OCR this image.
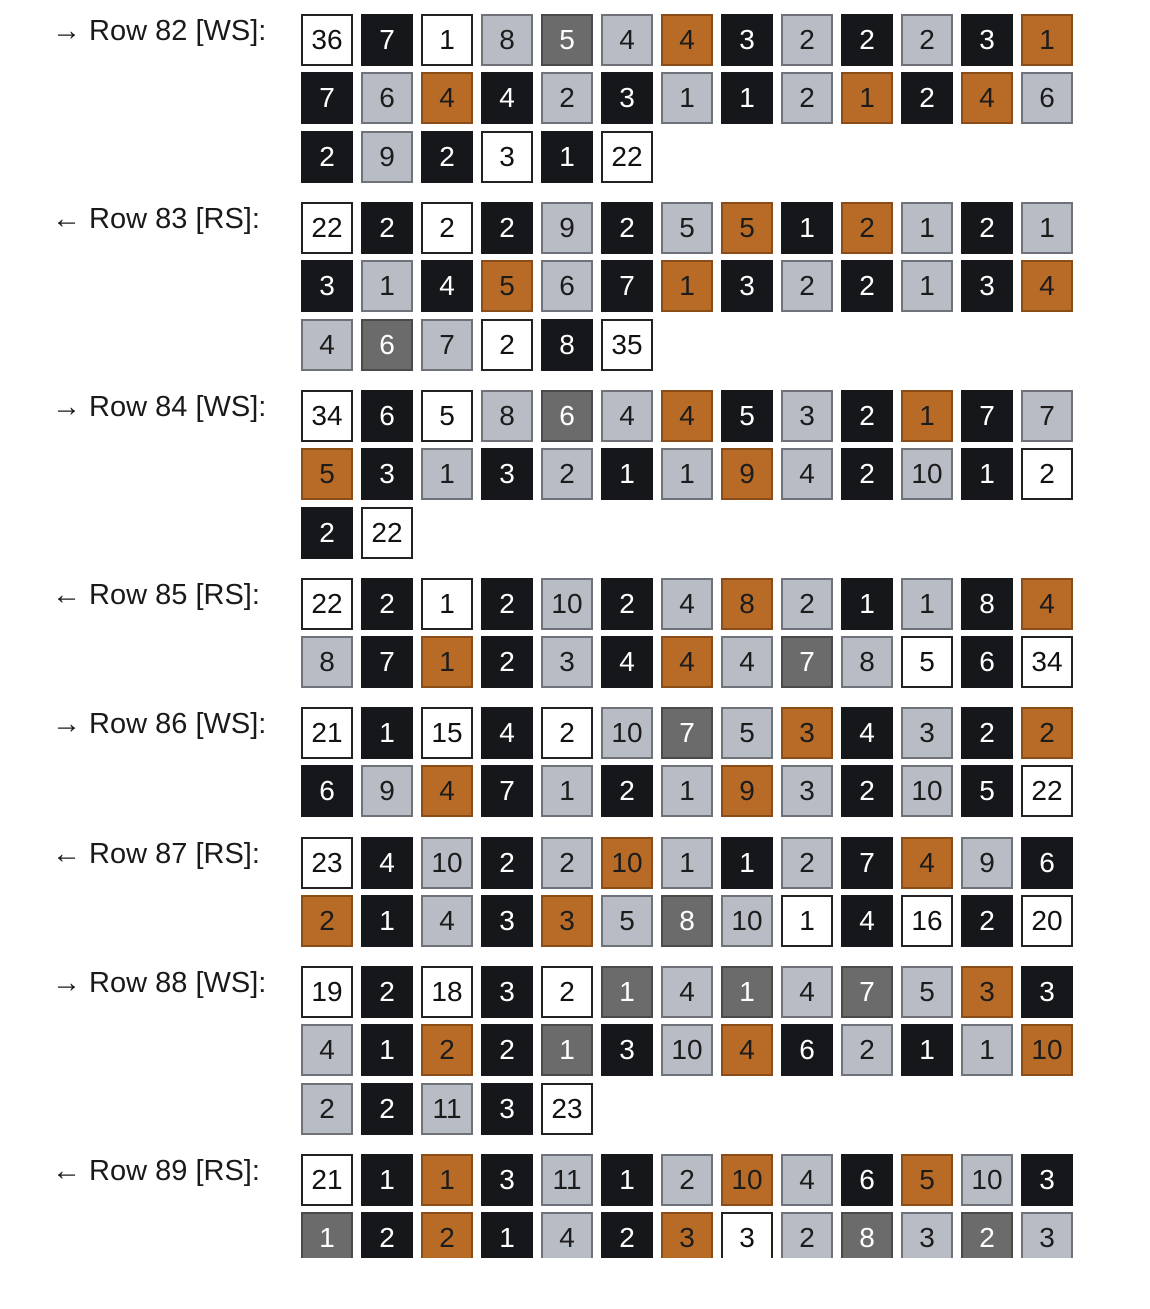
→ Row 82 [WS]:	36	7	1	8	5	4	4	3	2	2	2	3	1
7	6	4	4	2	3	1	1	2	1	2	4	6
2	9	2	3	1	22
← Row 83 [RS]:	22	2	2	2	9	2	5	5	1	2	1	2	1
3	1	4	5	6	7	1	3	2	2	1	3	4
4	6	7	2	8	35
→ Row 84 [WS]:	34	6	5	8	6	4	4	5	3	2	1	7	7
5	3	1	3	2	1	1	9	4	2	10	1	2
2	22
← Row 85 [RS]:	22	2	1	2	10	2	4	8	2	1	1	8	4
8	7	1	2	3	4	4	4	7	8	5	6	34
→ Row 86 [WS]:	21	1	15	4	2	10	7	5	3	4	3	2	2
6	9	4	7	1	2	1	9	3	2	10	5	22
← Row 87 [RS]:	23	4	10	2	2	10	1	1	2	7	4	9	6
2	1	4	3	3	5	8	10	1	4	16	2	20
→ Row 88 [WS]:	19	2	18	3	2	1	4	1	4	7	5	3	3
4	1	2	2	1	3	10	4	6	2	1	1	10
2	2	11	3	23
← Row 89 [RS]:	21	1	1	3	11	1	2	10	4	6	5	10	3
1	2	2	1	4	2	3	3	2	8	3	2	3
